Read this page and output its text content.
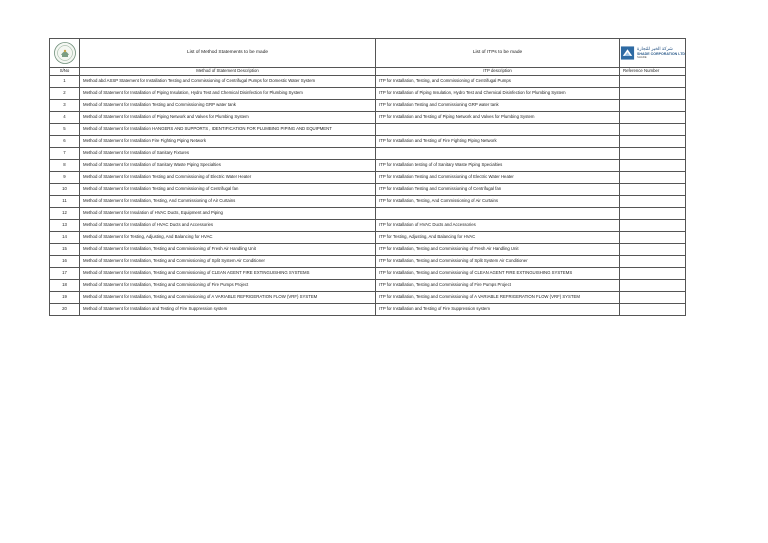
	List of Method Statements to be made	List of ITPs to be made	شركة الخير للتجارة
SHADE CORPORATION LTD
SHADE

S/No	Method of Statement Description	ITP description	Reference Number
1	Method abd ASSP Statement for Installation Testing and Commissioning of Centrifugal Pumps for Domestic Water System	ITP for Installation, Testing, and Commissioning of Centrifugal Pumps	
2	Method of Statement for Installation of Piping Insulation, Hydro Test and Chemical Disinfection for Plumbing System	ITP for Installation of Piping Insulation, Hydro Test and Chemical Disinfection for Plumbing System	
3	Method of Statement for Installation Testing and Commissioning GRP water tank	ITP for Installation Testing and Commissioning GRP water tank	
4	Method of Statement for Installation of Piping Network and Valves for Plumbing System	ITP for Installation and Testing of Piping Network and Valves for Plumbing System	
5	Method of Statement for Installation HANGERS AND SUPPORTS , IDENTIFICATION FOR PLUMBING PIPING AND EQUIPMENT		
6	Method of Statement for Installation Fire Fighting Piping Network	ITP for Installation and Testing of Fire Fighting Piping Network	
7	Method of Statement for Installation of Sanitary Fixtures		
8	Method of Statement for Installation of Sanitary Waste Piping Specialties	ITP for Installation testing of of Sanitary Waste Piping Specialties	
9	Method of Statement for Installation Testing and Commissioning of Electric Water Heater	ITP for Installation Testing and Commissioning of Electric Water Heater	
10	Method of Statement for Installation Testing and Commissioning of Centrifugal fan	ITP for Installation Testing and Commissioning of Centrifugal fan	
11	Method of Statement for Installation, Testing, And Commissioning of Air Curtains	ITP for Installation, Testing, And Commissioning of Air Curtains	
12	Method of Statement for Insulation of HVAC Ducts, Equipment and Piping		
13	Method of Statement for Installation of HVAC Ducts and Accessories	ITP for Installation of HVAC Ducts and Accessories	
14	Method of Statement for Testing, Adjusting, And Balancing for HVAC	ITP for Testing, Adjusting, And Balancing for HVAC	
15	Method of Statement for Installation, Testing and Commissioning of Fresh Air Handling Unit	ITP for Installation, Testing and Commissioning of Fresh Air Handling Unit	
16	Method of Statement for Installation, Testing and Commissioning of Split System Air Conditioner	ITP for Installation, Testing and Commissioning of Split System Air Conditioner	
17	Method of Statement for Installation, Testing and Commissioning of CLEAN AGENT FIRE EXTINGUISHING SYSTEMS	ITP for Installation, Testing and Commissioning of CLEAN AGENT FIRE EXTINGUISHING SYSTEMS	
18	Method of Statement for Installation, Testing and Commissioning of Fire Pumps Project	ITP for Installation, Testing and Commissioning of Fire Pumps Project	
19	Method of Statement for Installation, Testing and Commissioning of A VARIABLE REFRIGERATION FLOW (VRF) SYSTEM	ITP for Installation, Testing and Commissioning of A VARIABLE REFRIGERATION FLOW (VRF) SYSTEM	
20	Method of Statement for Installation and Testing of Fire Suppression system	ITP for Installation and Testing of Fire Suppression system	
